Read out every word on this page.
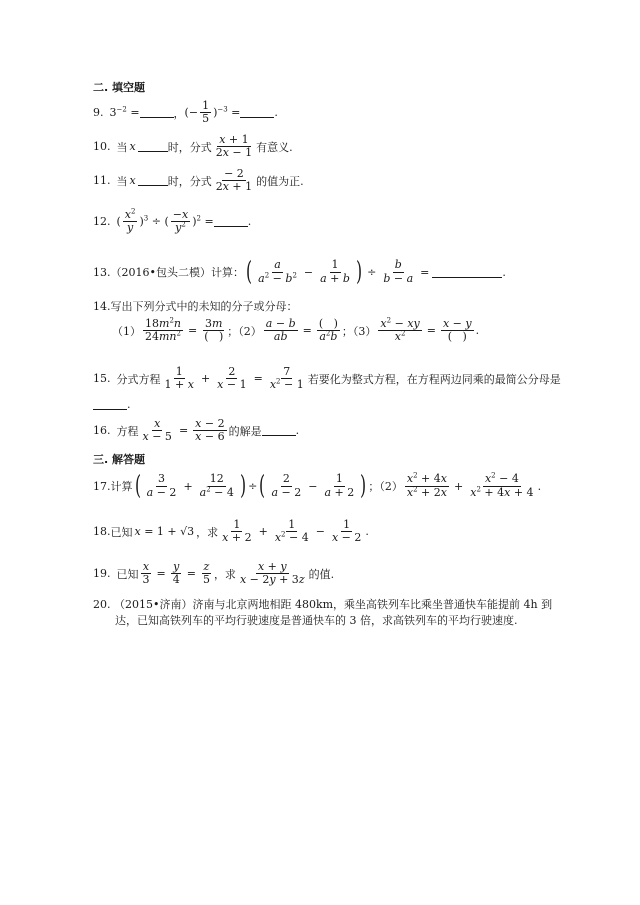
二. 填空题
9. $3^{-2}$ =	， (− $\frac{1}{5} )^{-3}$ =	.
10. 当 x	时，分式 $\frac{x + 1}{2x - 1}$ 有意义.
11. 当 x	时，分式 $\frac{- 2}{2x + 1}$ 的值为正.
12. ( $\frac{x^2}{y} )^3$ ÷ ( $\frac{-x}{y^2} )^2$ =	.
13. （2016•包头二模）计算： ( $\frac{a}{a^2 - b^2} - \frac{1}{a + b}$ ) ÷ $\frac{b}{b - a}$ =	.
14. 写出下列分式中的未知的分子或分母：
$(1) \frac{18m^2n}{24mn^2} = \frac{3m}{( )}$ ；$(2) \frac{a - b}{ab} = \frac{( )}{a^2b}$ ；$(3) \frac{x^2 - xy}{x^2} = \frac{x - y}{( )}$ .
15. 分式方程 $\frac{1}{1 + x} + \frac{2}{x - 1} = \frac{7}{x^2 - 1}$ 若要化为整式方程，在方程两边同乘的最简公分母是
.
16. 方程 $\frac{x}{x - 5} = \frac{x - 2}{x - 6}$ 的解是	.
三. 解答题
17. 计算 ( $\frac{3}{a - 2} + \frac{12}{a^2 - 4}$ ) ÷ ( $\frac{2}{a - 2} - \frac{1}{a + 2}$ ) ；$(2) \frac{x^2 + 4x}{x^2 + 2x} + \frac{x^2 - 4}{x^2 + 4x + 4}$ .
18. 已知 x = 1 + √3 ，求 $\frac{1}{x + 2} + \frac{1}{x^2 - 4} - \frac{1}{x - 2}$ .
19. 已知 $\frac{x}{3} = \frac{y}{4} = \frac{z}{5}$ ，求 $\frac{x + y}{x - 2y + 3z}$ 的值.
20. （2015•济南）济南与北京两地相距 480km，乘坐高铁列车比乘坐普通快车能提前 4h 到
达，已知高铁列车的平均行驶速度是普通快车的 3 倍，求高铁列车的平均行驶速度.
